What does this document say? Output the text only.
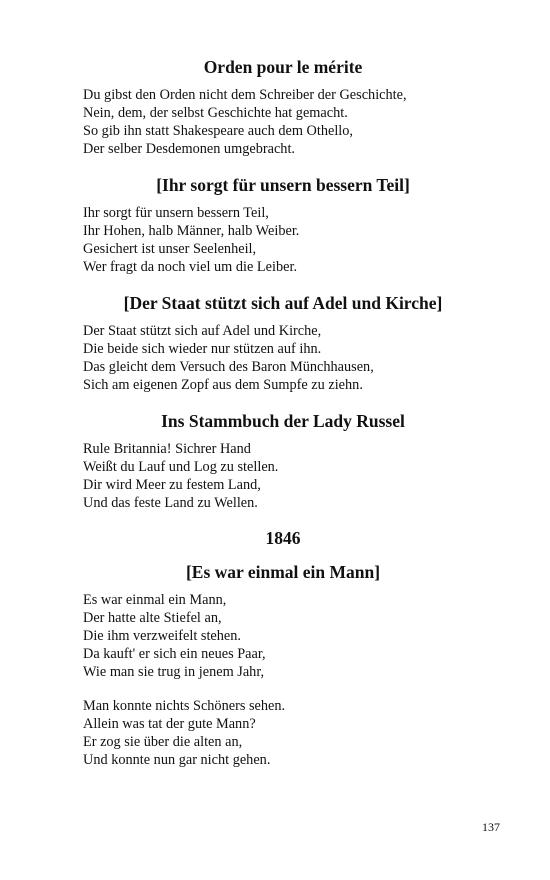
Orden pour le mérite
Du gibst den Orden nicht dem Schreiber der Geschichte,
Nein, dem, der selbst Geschichte hat gemacht.
So gib ihn statt Shakespeare auch dem Othello,
Der selber Desdemonen umgebracht.
[Ihr sorgt für unsern bessern Teil]
Ihr sorgt für unsern bessern Teil,
Ihr Hohen, halb Männer, halb Weiber.
Gesichert ist unser Seelenheil,
Wer fragt da noch viel um die Leiber.
[Der Staat stützt sich auf Adel und Kirche]
Der Staat stützt sich auf Adel und Kirche,
Die beide sich wieder nur stützen auf ihn.
Das gleicht dem Versuch des Baron Münchhausen,
Sich am eigenen Zopf aus dem Sumpfe zu ziehn.
Ins Stammbuch der Lady Russel
Rule Britannia! Sichrer Hand
Weißt du Lauf und Log zu stellen.
Dir wird Meer zu festem Land,
Und das feste Land zu Wellen.
1846
[Es war einmal ein Mann]
Es war einmal ein Mann,
Der hatte alte Stiefel an,
Die ihm verzweifelt stehen.
Da kauft' er sich ein neues Paar,
Wie man sie trug in jenem Jahr,
Man konnte nichts Schöners sehen.
Allein was tat der gute Mann?
Er zog sie über die alten an,
Und konnte nun gar nicht gehen.
137
